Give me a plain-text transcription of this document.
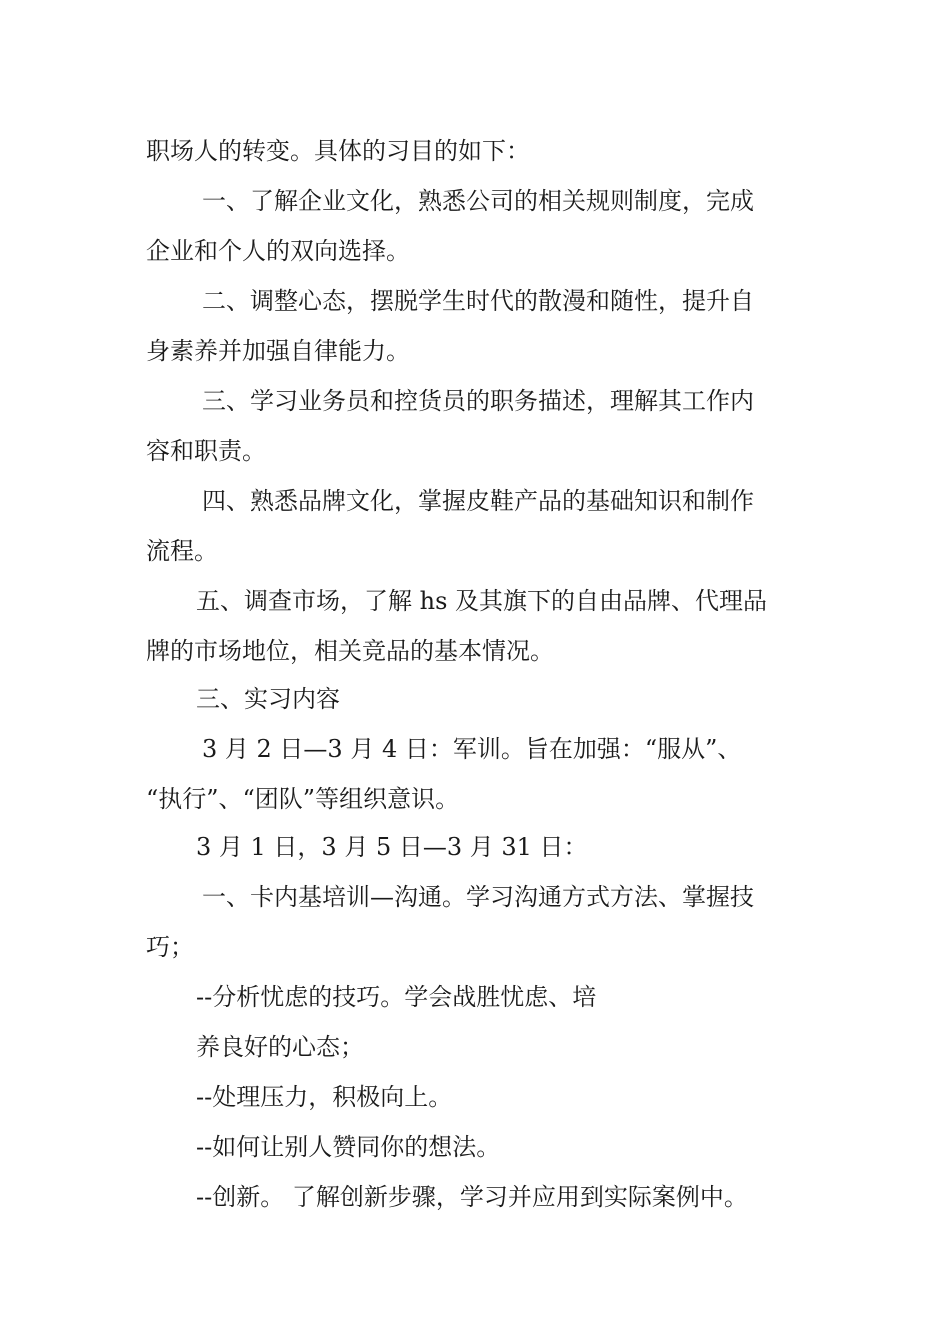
职场人的转变。具体的习目的如下：
一、了解企业文化，熟悉公司的相关规则制度，完成
企业和个人的双向选择。
二、调整心态，摆脱学生时代的散漫和随性，提升自
身素养并加强自律能力。
三、学习业务员和控货员的职务描述，理解其工作内
容和职责。
四、熟悉品牌文化，掌握皮鞋产品的基础知识和制作
流程。
五、调查市场，了解 hs 及其旗下的自由品牌、代理品
牌的市场地位，相关竞品的基本情况。
三、实习内容
3 月 2 日—3 月 4 日：军训。旨在加强：“服从”、
“执行”、“团队”等组织意识。
3 月 1 日，3 月 5 日—3 月 31 日：
一、卡内基培训—沟通。学习沟通方式方法、掌握技
巧；
--分析忧虑的技巧。学会战胜忧虑、培
养良好的心态；
--处理压力，积极向上。
--如何让别人赞同你的想法。
--创新。 了解创新步骤，学习并应用到实际案例中。
